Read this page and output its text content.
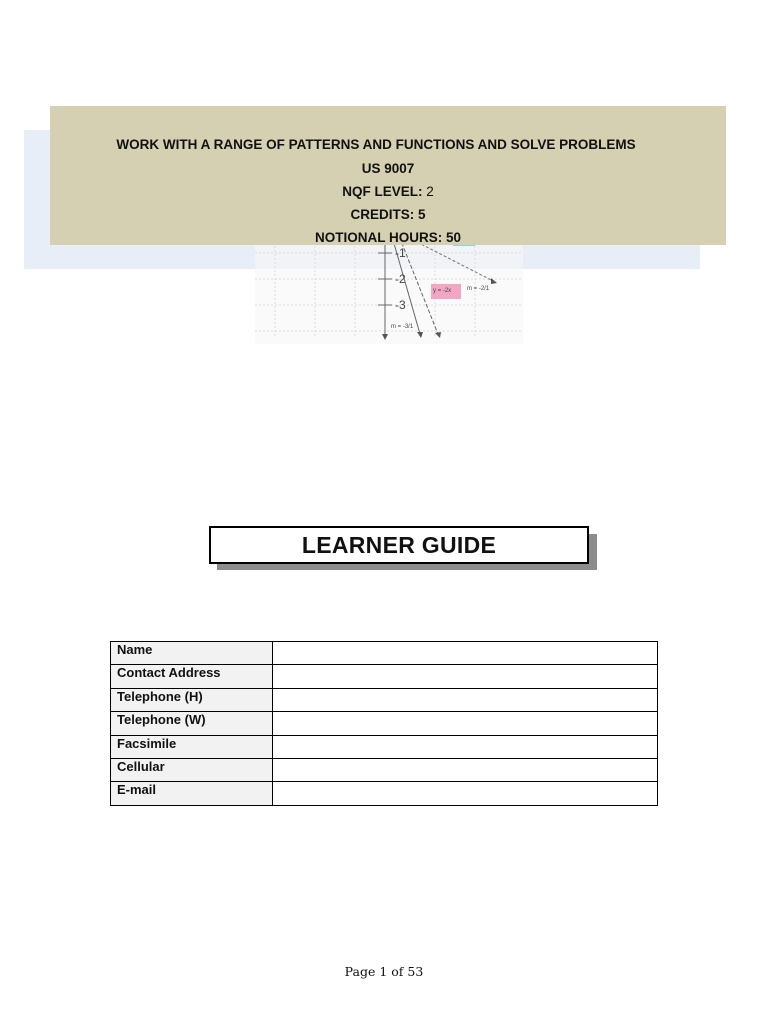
-1
-2
-3
y = -2x	m = -2/1
m = -3/1
WORK WITH A RANGE OF PATTERNS AND FUNCTIONS AND SOLVE PROBLEMS
US 9007
NQF LEVEL: 2
CREDITS: 5
NOTIONAL HOURS: 50
LEARNER GUIDE
Name	
Contact Address	
Telephone (H)	
Telephone (W)	
Facsimile	
Cellular	
E-mail	
Page 1 of 53
